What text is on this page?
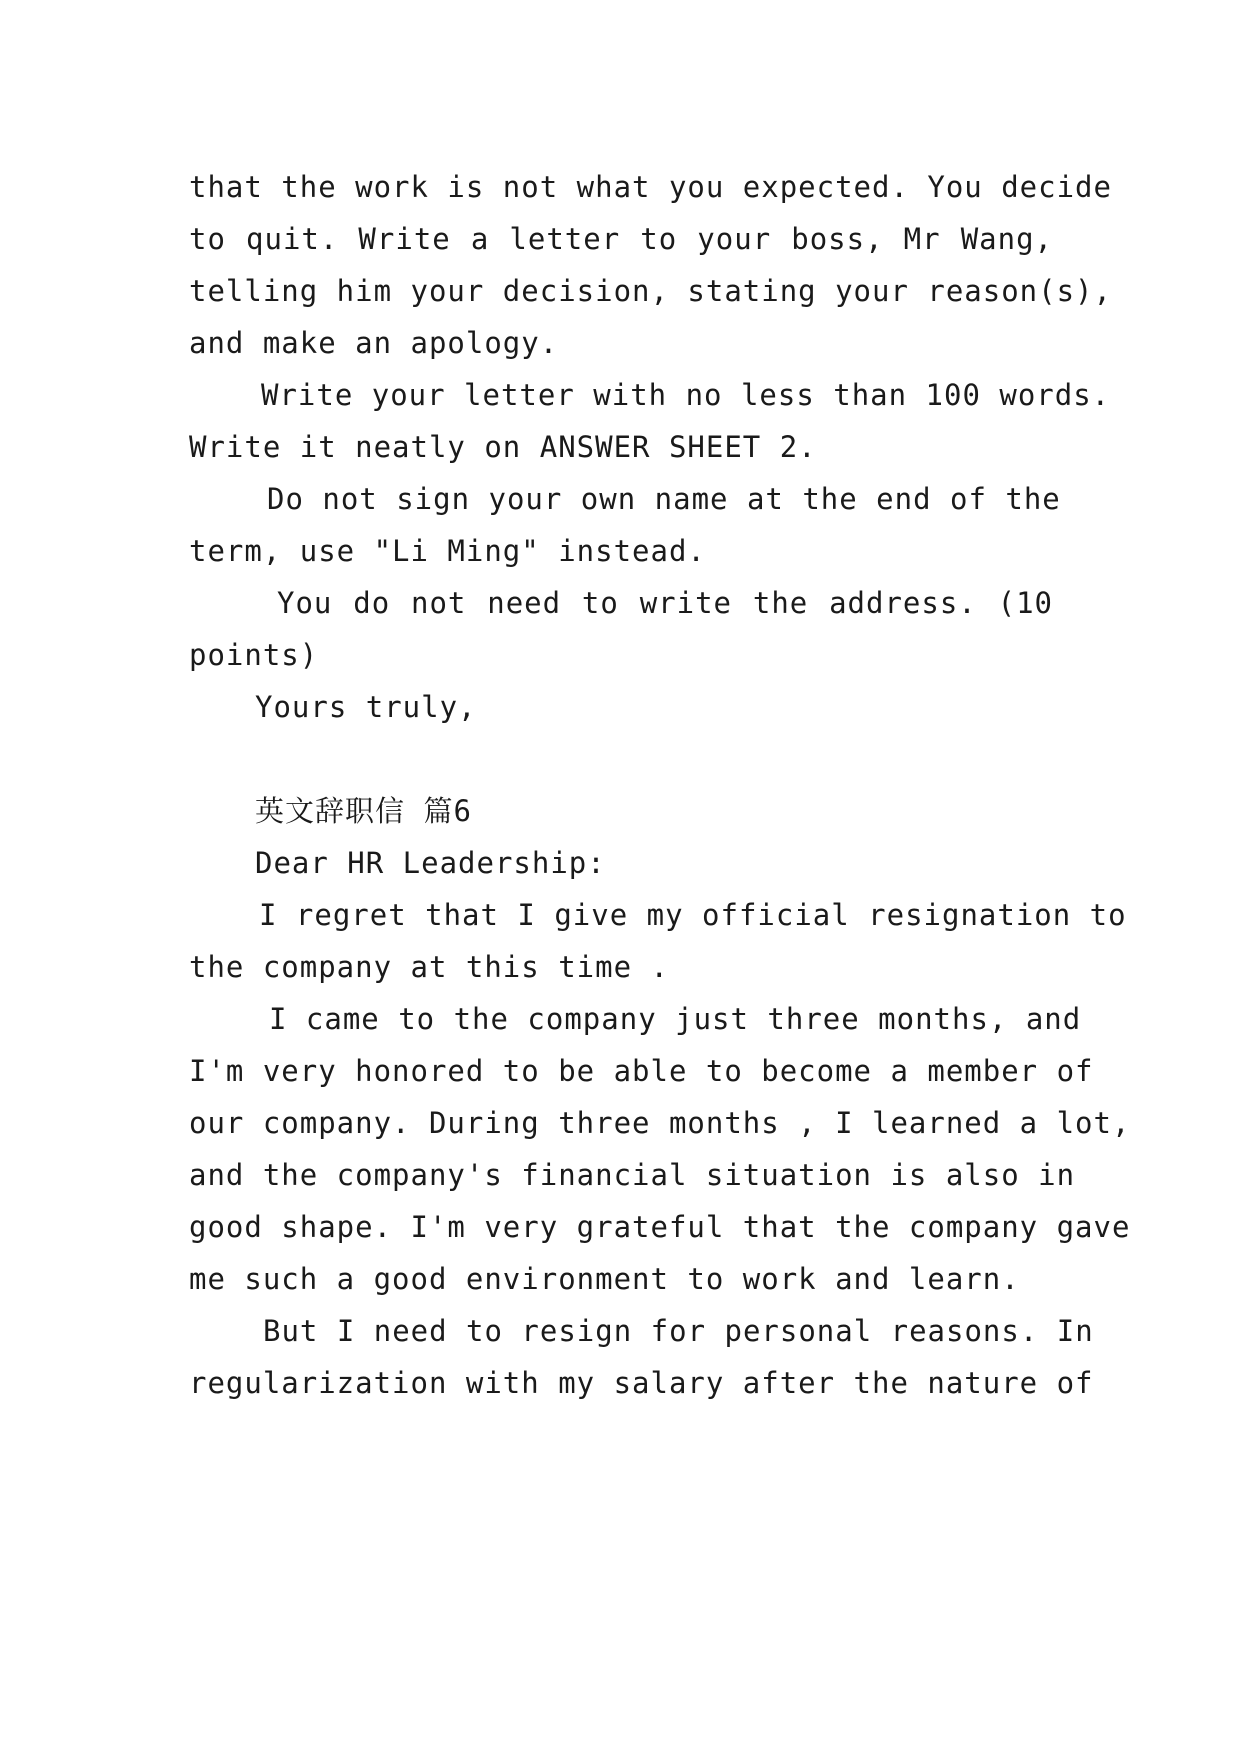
that the work is not what you expected. You decide
to quit. Write a letter to your boss, Mr Wang,
telling him your decision, stating your reason(s),
and make an apology.
Write your letter with no less than 100 words.
Write it neatly on ANSWER SHEET 2.
Do not sign your own name at the end of the
term, use "Li Ming" instead.
You do not need to write the address. (10
points)
Yours truly,
英文辞职信 篇6
Dear HR Leadership:
I regret that I give my official resignation to
the company at this time .
I came to the company just three months, and
I'm very honored to be able to become a member of
our company. During three months , I learned a lot,
and the company's financial situation is also in
good shape. I'm very grateful that the company gave
me such a good environment to work and learn.
But I need to resign for personal reasons. In
regularization with my salary after the nature of
